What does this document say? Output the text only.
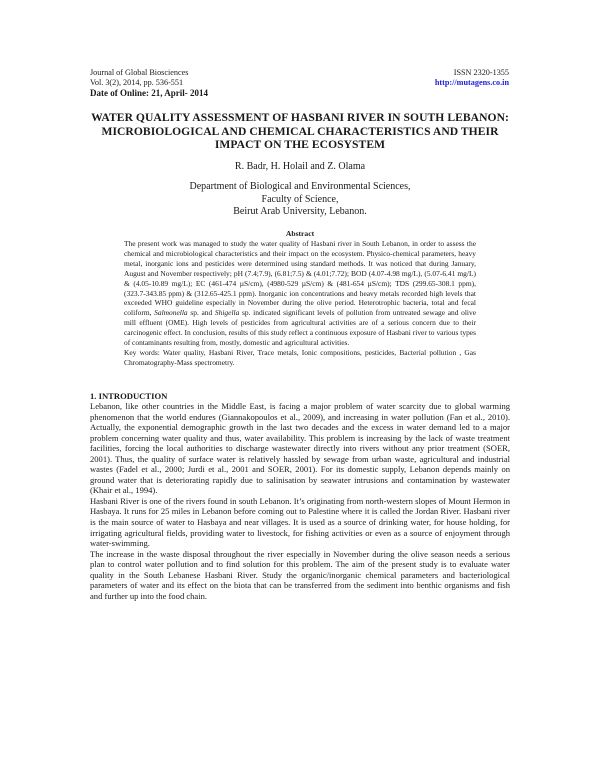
Journal of Global Biosciences
Vol. 3(2), 2014, pp. 536-551
Date of Online: 21, April- 2014
ISSN 2320-1355
http://mutagens.co.in
WATER QUALITY ASSESSMENT OF HASBANI RIVER IN SOUTH LEBANON: MICROBIOLOGICAL AND CHEMICAL CHARACTERISTICS AND THEIR IMPACT ON THE ECOSYSTEM
R. Badr, H. Holail and Z. Olama
Department of Biological and Environmental Sciences,
Faculty of Science,
Beirut Arab University, Lebanon.
Abstract

The present work was managed to study the water quality of Hasbani river in South Lebanon, in order to assess the chemical and microbiological characteristics and their impact on the ecosystem. Physico-chemical parameters, heavy metal, inorganic ions and pesticides were determined using standard methods. It was noticed that during January, August and November respectively; pH (7.4;7.9), (6.81;7.5) & (4.01;7.72); BOD (4.07-4.98 mg/L), (5.07-6.41 mg/L) & (4.05-10.89 mg/L); EC (461-474 µS/cm), (4980-529 µS/cm) & (481-654 µS/cm); TDS (299.65-308.1 ppm), (323.7-343.85 ppm) & (312.65-425.1 ppm). Inorganic ion concentrations and heavy metals recorded high levels that exceeded WHO guideline especially in November during the olive period. Heterotrophic bacteria, total and fecal coliform, Salmonella sp. and Shigella sp. indicated significant levels of pollution from untreated sewage and olive mill effluent (OME). High levels of pesticides from agricultural activities are of a serious concern due to their carcinogenic effect. In conclusion, results of this study reflect a continuous exposure of Hasbani river to various types of contaminants resulting from, mostly, domestic and agricultural activities.

Key words: Water quality, Hasbani River, Trace metals, Ionic compositions, pesticides, Bacterial pollution , Gas Chromatography-Mass spectrometry.

1. INTRODUCTION

Lebanon, like other countries in the Middle East, is facing a major problem of water scarcity due to global warming phenomenon that the world endures (Giannakopoulos et al., 2009), and increasing in water pollution (Fan et al., 2010). Actually, the exponential demographic growth in the last two decades and the excess in water demand led to a major problem concerning water quality and thus, water availability. This problem is increasing by the lack of waste treatment facilities, forcing the local authorities to discharge wastewater directly into rivers without any prior treatment (SOER, 2001). Thus, the quality of surface water is relatively hassled by sewage from urban waste, agricultural and industrial wastes (Fadel et al., 2000; Jurdi et al., 2001 and SOER, 2001). For its domestic supply, Lebanon depends mainly on ground water that is deteriorating rapidly due to salinisation by seawater intrusions and contamination by wastewater (Khair et al., 1994).

Hasbani River is one of the rivers found in south Lebanon. It’s originating from north-western slopes of Mount Hermon in Hasbaya. It runs for 25 miles in Lebanon before coming out to Palestine where it is called the Jordan River. Hasbani river is the main source of water to Hasbaya and near villages. It is used as a source of drinking water, for house holding, for irrigating agricultural fields, providing water to livestock, for fishing activities or even as a source of enjoyment through water-swimming.

The increase in the waste disposal throughout the river especially in November during the olive season needs a serious plan to control water pollution and to find solution for this problem. The aim of the present study is to evaluate water quality in the South Lebanese Hasbani River. Study the organic/inorganic chemical parameters and bacteriological parameters of water and its effect on the biota that can be transferred from the sediment into benthic organisms and fish and further up into the food chain.
